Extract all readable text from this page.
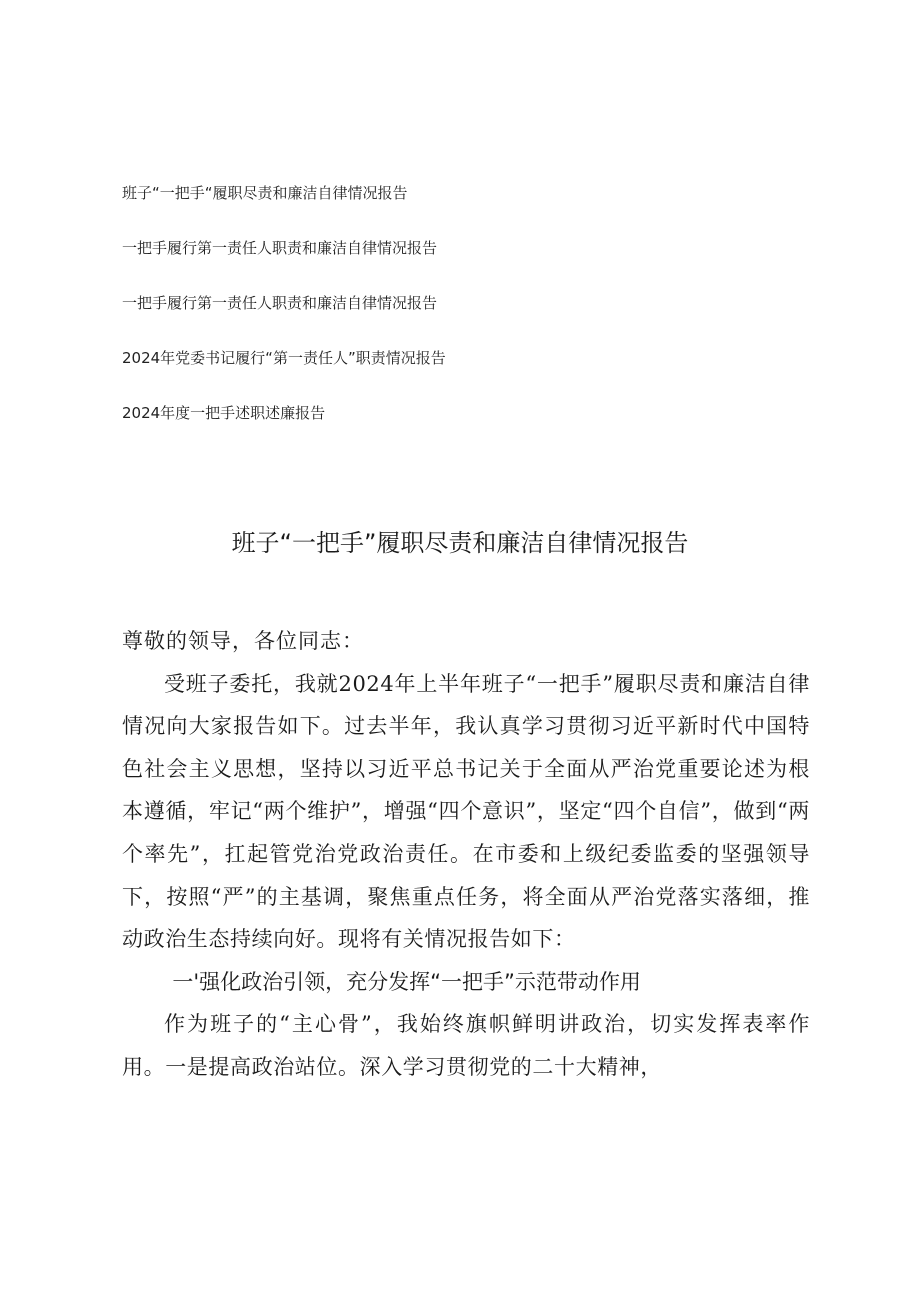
班子“一把手“履职尽责和廉洁自律情况报告
一把手履行第一责任人职责和廉洁自律情况报告
一把手履行第一责任人职责和廉洁自律情况报告
2024年党委书记履行“第一责任人”职责情况报告
2024年度一把手述职述廉报告
班子“一把手”履职尽责和廉洁自律情况报告

尊敬的领导，各位同志：

受班子委托，我就2024年上半年班子“一把手”履职尽责和廉洁自律情况向大家报告如下。过去半年，我认真学习贯彻习近平新时代中国特色社会主义思想，坚持以习近平总书记关于全面从严治党重要论述为根本遵循，牢记“两个维护”，增强“四个意识”，坚定“四个自信”，做到“两个率先”，扛起管党治党政治责任。在市委和上级纪委监委的坚强领导下，按照“严”的主基调，聚焦重点任务，将全面从严治党落实落细，推动政治生态持续向好。现将有关情况报告如下：

一'强化政治引领，充分发挥“一把手”示范带动作用

作为班子的“主心骨”，我始终旗帜鲜明讲政治，切实发挥表率作用。一是提高政治站位。深入学习贯彻党的二十大精神，
